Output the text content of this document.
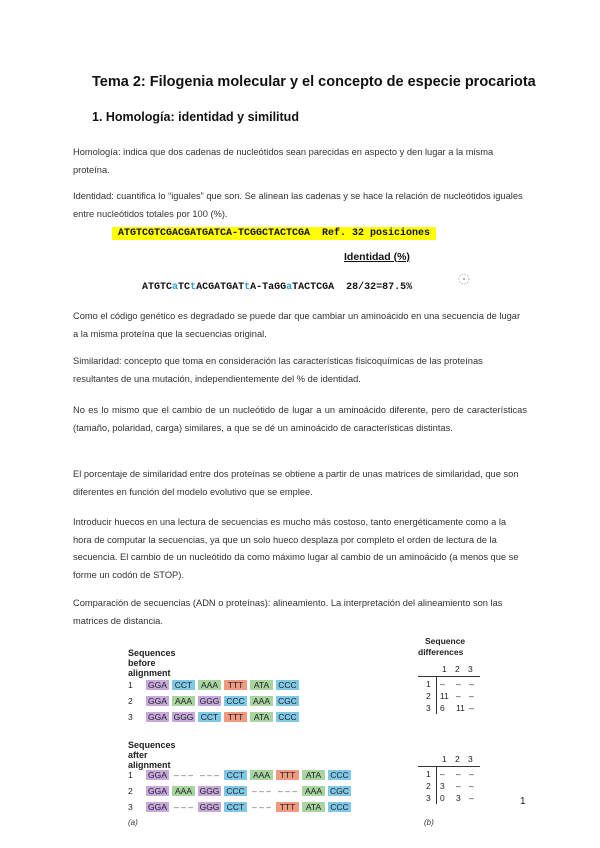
Tema 2: Filogenia molecular y el concepto de especie procariota
1. Homología: identidad y similitud
Homología: indica que dos cadenas de nucleótidos sean parecidas en aspecto y den lugar a la misma proteína.
Identidad: cuantifica lo “iguales” que son. Se alinean las cadenas y se hace la relación de nucleótidos iguales entre nucleótidos totales por 100 (%).
ATGTCGTCGACGATGATCA-TCGGCTACTCGA  Ref. 32 posiciones
Identidad (%)

ATGTCaTCtACGATGATtA-TaGGaTACTCGA  28/32=87.5%

Como el código genético es degradado se puede dar que cambiar un aminoácido en una secuencia de lugar a la misma proteína que la secuencias original.
Similaridad: concepto que toma en consideración las características fisicoquímicas de las proteínas resultantes de una mutación, independientemente del % de identidad.
No es lo mismo que el cambio de un nucleótido de lugar a un aminoácido diferente, pero de características (tamaño, polaridad, carga) similares, a que se dé un aminoácido de características distintas.
El porcentaje de similaridad entre dos proteínas se obtiene a partir de unas matrices de similaridad, que son diferentes en función del modelo evolutivo que se emplee.
Introducir huecos en una lectura de secuencias es mucho más costoso, tanto energéticamente como a la hora de computar la secuencias, ya que un solo hueco desplaza por completo el orden de lectura de la secuencia. El cambio de un nucleótido da como máximo lugar al cambio de un aminoácido (a menos que se forme un codón de STOP).
Comparación de secuencias (ADN o proteínas): alineamiento. La interpretación del alineamiento son las matrices de distancia.
Sequences before alignment
Sequences after alignment
1	GGA CCT	AAA	TTT	ATA	CCC
2	GGA AAA GGG CCC AAA CGC
3	GGA GGG CCT	TTT	ATA	CCC
1	GGA – – – – – – CCT	AAA	TTT	ATA	CCC
2	GGA AAA GGG CCC – – – – – – AAA CGC
3	GGA – – – GGG CCT – – –	TTT	ATA	CCC
(a)
Sequence
differences
1 2 3
1	–	– –
2	11 – –
3	6	11 –
1 2 3
1	–	– –
2	3	– –
3	0	3 –
(b)
1
